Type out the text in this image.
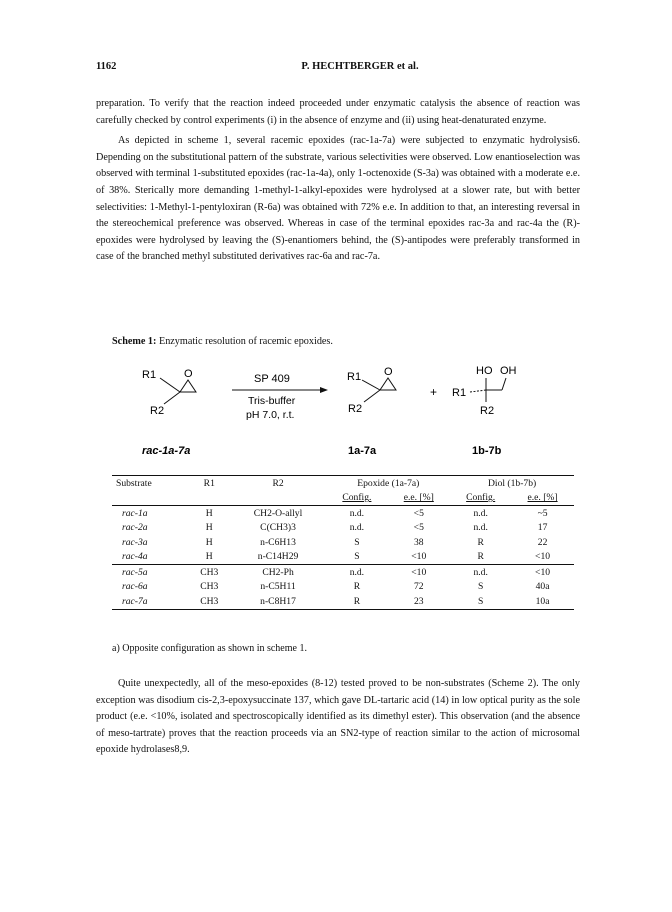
1162	P. HECHTBERGER et al.

preparation. To verify that the reaction indeed proceeded under enzymatic catalysis the absence of reaction was carefully checked by control experiments (i) in the absence of enzyme and (ii) using heat-denaturated enzyme.

As depicted in scheme 1, several racemic epoxides (rac-1a-7a) were subjected to enzymatic hydrolysis6. Depending on the substitutional pattern of the substrate, various selectivities were observed. Low enantioselection was observed with terminal 1-substituted epoxides (rac-1a-4a), only 1-octenoxide (S-3a) was obtained with a moderate e.e. of 38%. Sterically more demanding 1-methyl-1-alkyl-epoxides were hydrolysed at a slower rate, but with better selectivities: 1-Methyl-1-pentyloxiran (R-6a) was obtained with 72% e.e. In addition to that, an interesting reversal in the stereochemical preference was observed. Whereas in case of the terminal epoxides rac-3a and rac-4a the (R)-epoxides were hydrolysed by leaving the (S)-enantiomers behind, the (S)-antipodes were preferably transformed in case of the branched methyl substituted derivatives rac-6a and rac-7a.

Scheme 1: Enzymatic resolution of racemic epoxides.
R1	O
R2
SP 409
Tris-buffer
pH 7.0, r.t.
R1 O
R2
+
HO OH
R1
R2
rac-1a-7a	1a-7a	1b-7b
Substrate	R1	R2	Epoxide (1a-7a)		Diol (1b-7b)	
			Config.	e.e. [%]	Config.	e.e. [%]
rac-1a	H	CH2-O-allyl	n.d.	<5	n.d.	~5
rac-2a	H	C(CH3)3	n.d.	<5	n.d.	17
rac-3a	H	n-C6H13	S	38	R	22
rac-4a	H	n-C14H29	S	<10	R	<10
rac-5a	CH3	CH2-Ph	n.d.	<10	n.d.	<10
rac-6a	CH3	n-C5H11	R	72	S	40a
rac-7a	CH3	n-C8H17	R	23	S	10a
a) Opposite configuration as shown in scheme 1.

Quite unexpectedly, all of the meso-epoxides (8-12) tested proved to be non-substrates (Scheme 2). The only exception was disodium cis-2,3-epoxysuccinate 137, which gave DL-tartaric acid (14) in low optical purity as the sole product (e.e. <10%, isolated and spectroscopically identified as its dimethyl ester). This observation (and the absence of meso-tartrate) proves that the reaction proceeds via an SN2-type of reaction similar to the action of microsomal epoxide hydrolases8,9.
